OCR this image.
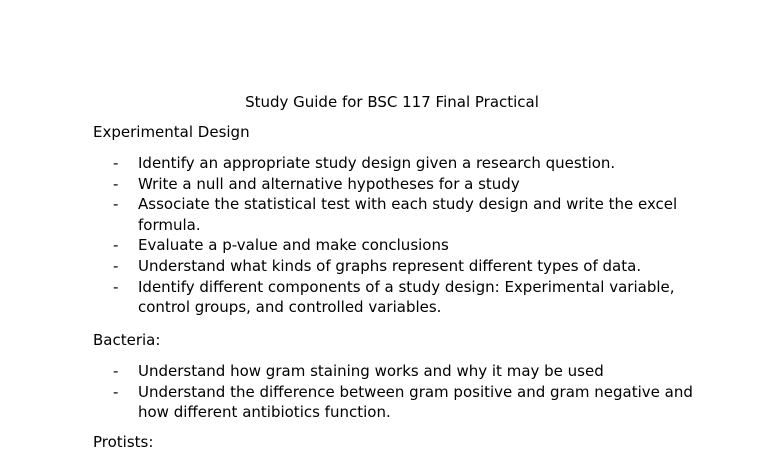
Study Guide for BSC 117 Final Practical
Experimental Design
- Identify an appropriate study design given a research question.
- Write a null and alternative hypotheses for a study
- Associate the statistical test with each study design and write the excel formula.
- Evaluate a p-value and make conclusions
- Understand what kinds of graphs represent different types of data.
- Identify different components of a study design: Experimental variable, control groups, and controlled variables.
Bacteria:
- Understand how gram staining works and why it may be used
- Understand the difference between gram positive and gram negative and how different antibiotics function.
Protists:
